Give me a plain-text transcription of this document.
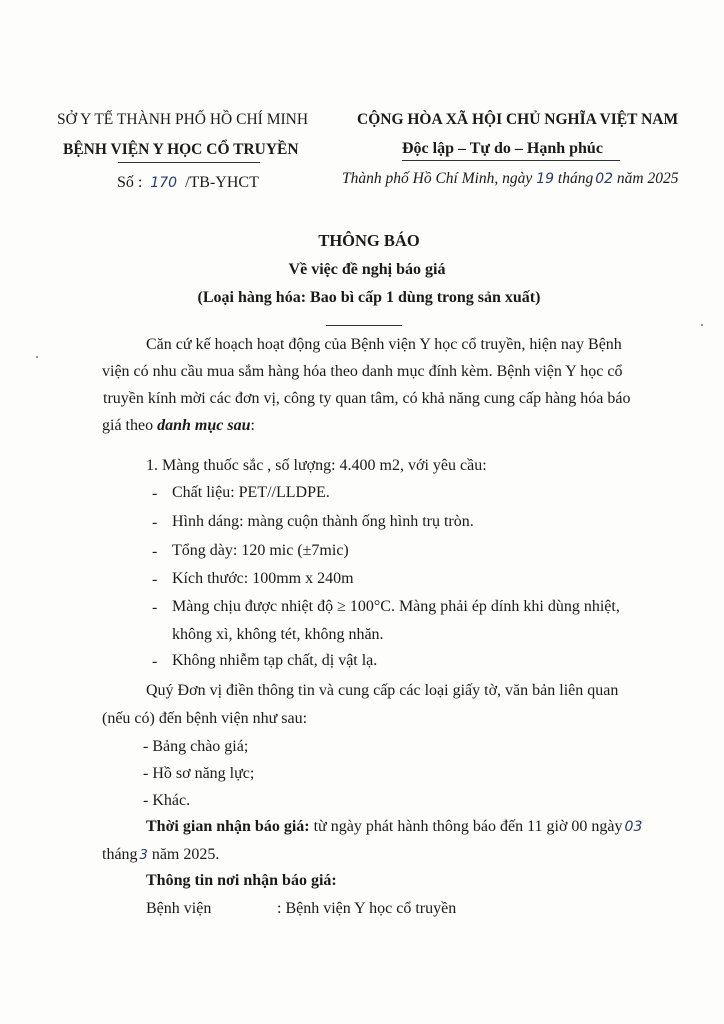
SỞ Y TẾ THÀNH PHỐ HỒ CHÍ MINH
BỆNH VIỆN Y HỌC CỔ TRUYỀN
Số : 170 /TB-YHCT
CỘNG HÒA XÃ HỘI CHỦ NGHĨA VIỆT NAM
Độc lập – Tự do – Hạnh phúc
Thành phố Hồ Chí Minh, ngày 19 tháng 02 năm 2025
THÔNG BÁO
Về việc đề nghị báo giá
(Loại hàng hóa: Bao bì cấp 1 dùng trong sản xuất)
Căn cứ kế hoạch hoạt động của Bệnh viện Y học cổ truyền, hiện nay Bệnh
viện có nhu cầu mua sắm hàng hóa theo danh mục đính kèm. Bệnh viện Y học cổ
truyền kính mời các đơn vị, công ty quan tâm, có khả năng cung cấp hàng hóa báo
giá theo danh mục sau:
1. Màng thuốc sắc , số lượng: 4.400 m2, với yêu cầu:
- Chất liệu: PET//LLDPE.
- Hình dáng: màng cuộn thành ống hình trụ tròn.
- Tổng dày: 120 mic (±7mic)
- Kích thước: 100mm x 240m
- Màng chịu được nhiệt độ ≥ 100°C. Màng phải ép dính khi dùng nhiệt,
không xì, không tét, không nhăn.
- Không nhiễm tạp chất, dị vật lạ.
Quý Đơn vị điền thông tin và cung cấp các loại giấy tờ, văn bản liên quan
(nếu có) đến bệnh viện như sau:
- Bảng chào giá;
- Hồ sơ năng lực;
- Khác.
Thời gian nhận báo giá: từ ngày phát hành thông báo đến 11 giờ 00 ngày 03
tháng 3 năm 2025.
Thông tin nơi nhận báo giá:
Bệnh viện	: Bệnh viện Y học cổ truyền
